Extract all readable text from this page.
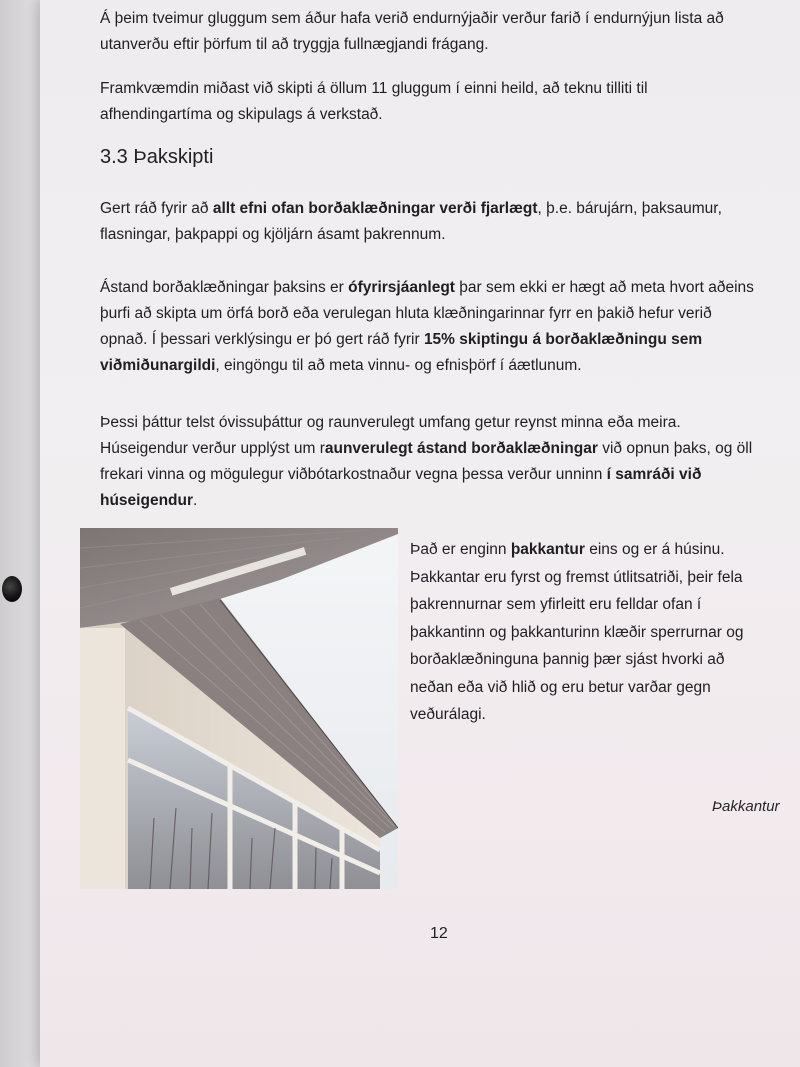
Á þeim tveimur gluggum sem áður hafa verið endurnýjaðir verður farið í endurnýjun lista að
utanverðu eftir þörfum til að tryggja fullnægjandi frágang.

Framkvæmdin miðast við skipti á öllum 11 gluggum í einni heild, að teknu tilliti til
afhendingartíma og skipulags á verkstað.

3.3 Þakskipti

Gert ráð fyrir að allt efni ofan borðaklæðningar verði fjarlægt, þ.e. bárujárn, þaksaumur,
flasningar, þakpappi og kjöljárn ásamt þakrennum.

Ástand borðaklæðningar þaksins er ófyrirsjáanlegt þar sem ekki er hægt að meta hvort aðeins
þurfi að skipta um örfá borð eða verulegan hluta klæðningarinnar fyrr en þakið hefur verið
opnað. Í þessari verklýsingu er þó gert ráð fyrir 15% skiptingu á borðaklæðningu sem
viðmiðunargildi, eingöngu til að meta vinnu- og efnisþörf í áætlunum.

Þessi þáttur telst óvissuþáttur og raunverulegt umfang getur reynst minna eða meira.
Húseigendur verður upplýst um raunverulegt ástand borðaklæðningar við opnun þaks, og öll
frekari vinna og mögulegur viðbótarkostnaður vegna þessa verður unninn í samráði við
húseigendur.

Það er enginn þakkantur eins og er á húsinu.
Þakkantar eru fyrst og fremst útlitsatriði, þeir fela
þakrennurnar sem yfirleitt eru felldar ofan í
þakkantinn og þakkanturinn klæðir sperrurnar og
borðaklæðninguna þannig þær sjást hvorki að
neðan eða við hlið og eru betur varðar gegn
veðurálagi.

Þakkantur

12
